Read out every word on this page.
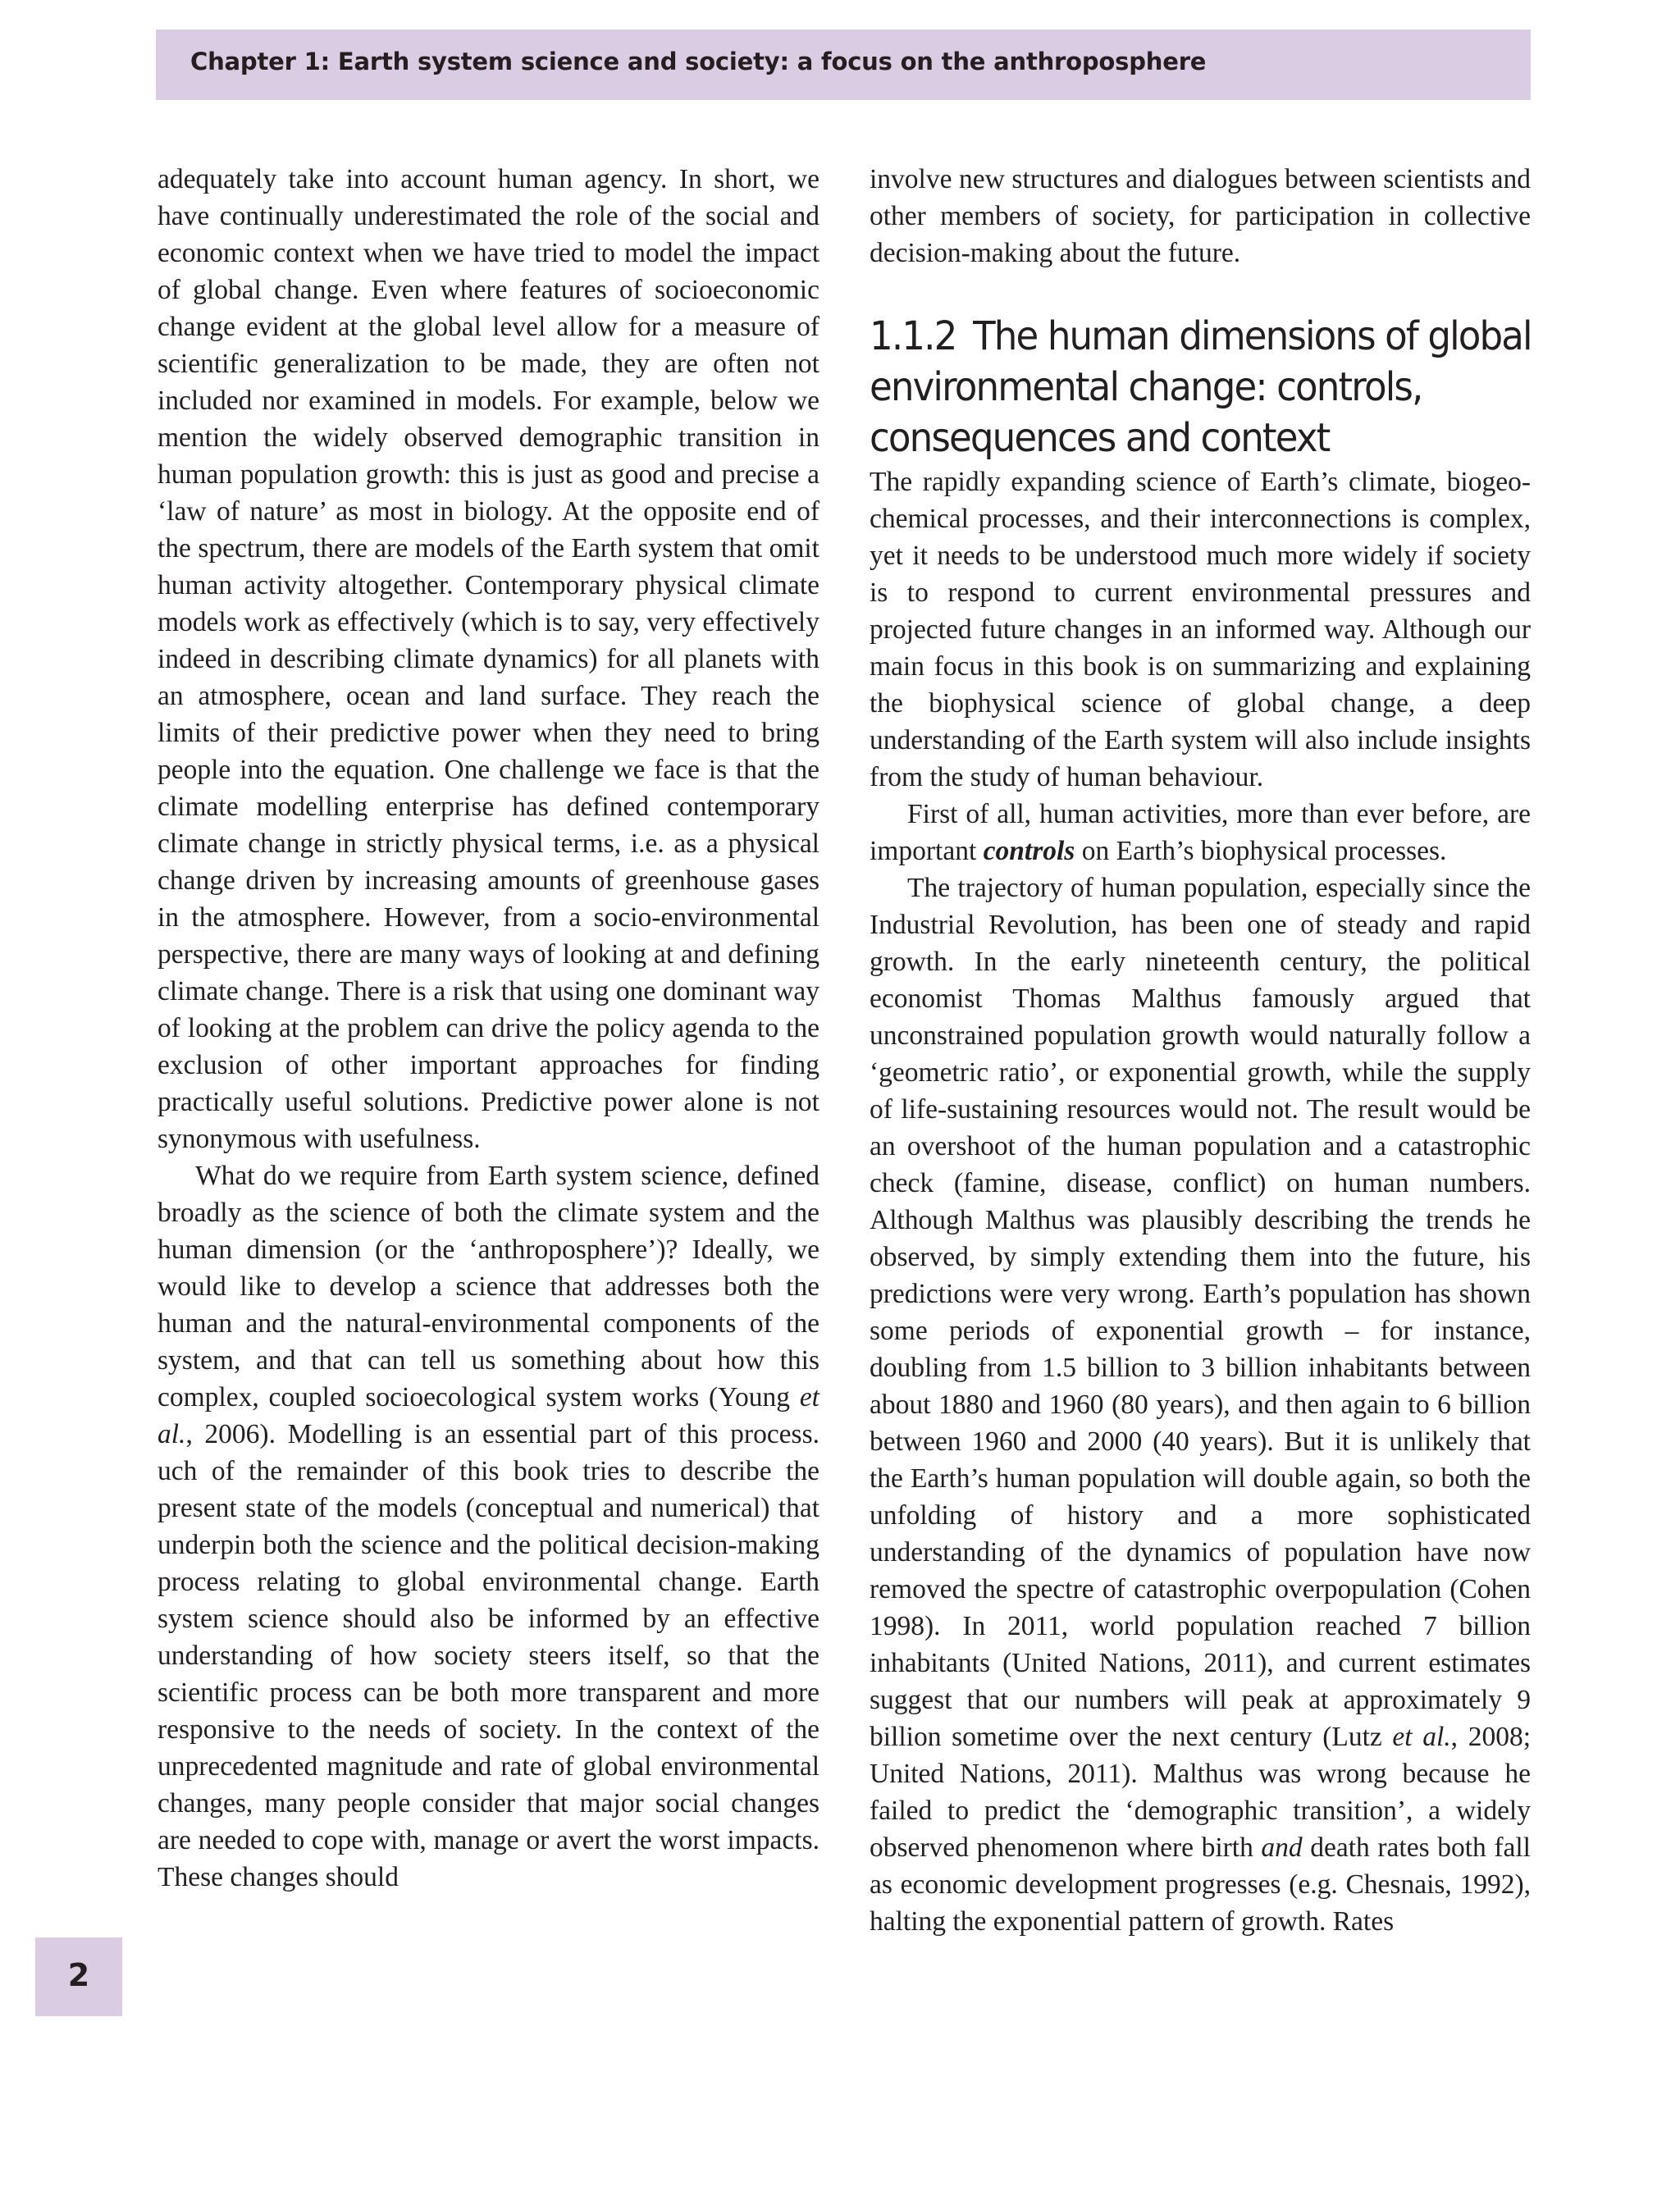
Chapter 1: Earth system science and society: a focus on the anthroposphere

adequately take into account human agency. In short, we have continually underestimated the role of the social and economic context when we have tried to model the impact of global change. Even where features of socioeconomic change evident at the global level allow for a measure of scientific generalization to be made, they are often not included nor examined in models. For example, below we mention the widely observed demographic transition in human population growth: this is just as good and precise a ‘law of nature’ as most in biology. At the opposite end of the spectrum, there are models of the Earth system that omit human activity altogether. Contemporary physical climate models work as effectively (which is to say, very effectively indeed in describing climate dynamics) for all planets with an atmosphere, ocean and land surface. They reach the limits of their predictive power when they need to bring people into the equation. One challenge we face is that the climate modelling enterprise has defined contemporary climate change in strictly physical terms, i.e. as a physical change driven by increasing amounts of greenhouse gases in the atmosphere. However, from a socio-environmental perspective, there are many ways of looking at and defining climate change. There is a risk that using one dominant way of looking at the problem can drive the policy agenda to the exclusion of other important approaches for finding practically useful solutions. Predictive power alone is not synonymous with usefulness.

What do we require from Earth system science, defined broadly as the science of both the climate system and the human dimension (or the ‘anthroposphere’)? Ideally, we would like to develop a science that addresses both the human and the natural-environmental components of the system, and that can tell us something about how this complex, coupled socioecological system works (Young et al., 2006). Modelling is an essential part of this process. uch of the remainder of this book tries to describe the present state of the models (conceptual and numerical) that underpin both the science and the political decision-making process relating to global environmental change. Earth system science should also be informed by an effective understanding of how society steers itself, so that the scientific process can be both more transparent and more responsive to the needs of society. In the context of the unprecedented magnitude and rate of global environmental changes, many people consider that major social changes are needed to cope with, manage or avert the worst impacts. These changes should

involve new structures and dialogues between scientists and other members of society, for participation in collective decision-making about the future.

1.1.2 The human dimensions of global environmental change: controls, consequences and context

The rapidly expanding science of Earth’s climate, biogeochemical processes, and their interconnections is complex, yet it needs to be understood much more widely if society is to respond to current environmental pressures and projected future changes in an informed way. Although our main focus in this book is on summarizing and explaining the biophysical science of global change, a deep understanding of the Earth system will also include insights from the study of human behaviour.

First of all, human activities, more than ever before, are important controls on Earth’s biophysical processes.

The trajectory of human population, especially since the Industrial Revolution, has been one of steady and rapid growth. In the early nineteenth century, the political economist Thomas Malthus famously argued that unconstrained population growth would naturally follow a ‘geometric ratio’, or exponential growth, while the supply of life-sustaining resources would not. The result would be an overshoot of the human population and a catastrophic check (famine, disease, conflict) on human numbers. Although Malthus was plausibly describing the trends he observed, by simply extending them into the future, his predictions were very wrong. Earth’s population has shown some periods of exponential growth – for instance, doubling from 1.5 billion to 3 billion inhabitants between about 1880 and 1960 (80 years), and then again to 6 billion between 1960 and 2000 (40 years). But it is unlikely that the Earth’s human population will double again, so both the unfolding of history and a more sophisticated understanding of the dynamics of population have now removed the spectre of catastrophic overpopulation (Cohen 1998). In 2011, world population reached 7 billion inhabitants (United Nations, 2011), and current estimates suggest that our numbers will peak at approximately 9 billion sometime over the next century (Lutz et al., 2008; United Nations, 2011). Malthus was wrong because he failed to predict the ‘demographic transition’, a widely observed phenomenon where birth and death rates both fall as economic development progresses (e.g. Chesnais, 1992), halting the exponential pattern of growth. Rates

2
